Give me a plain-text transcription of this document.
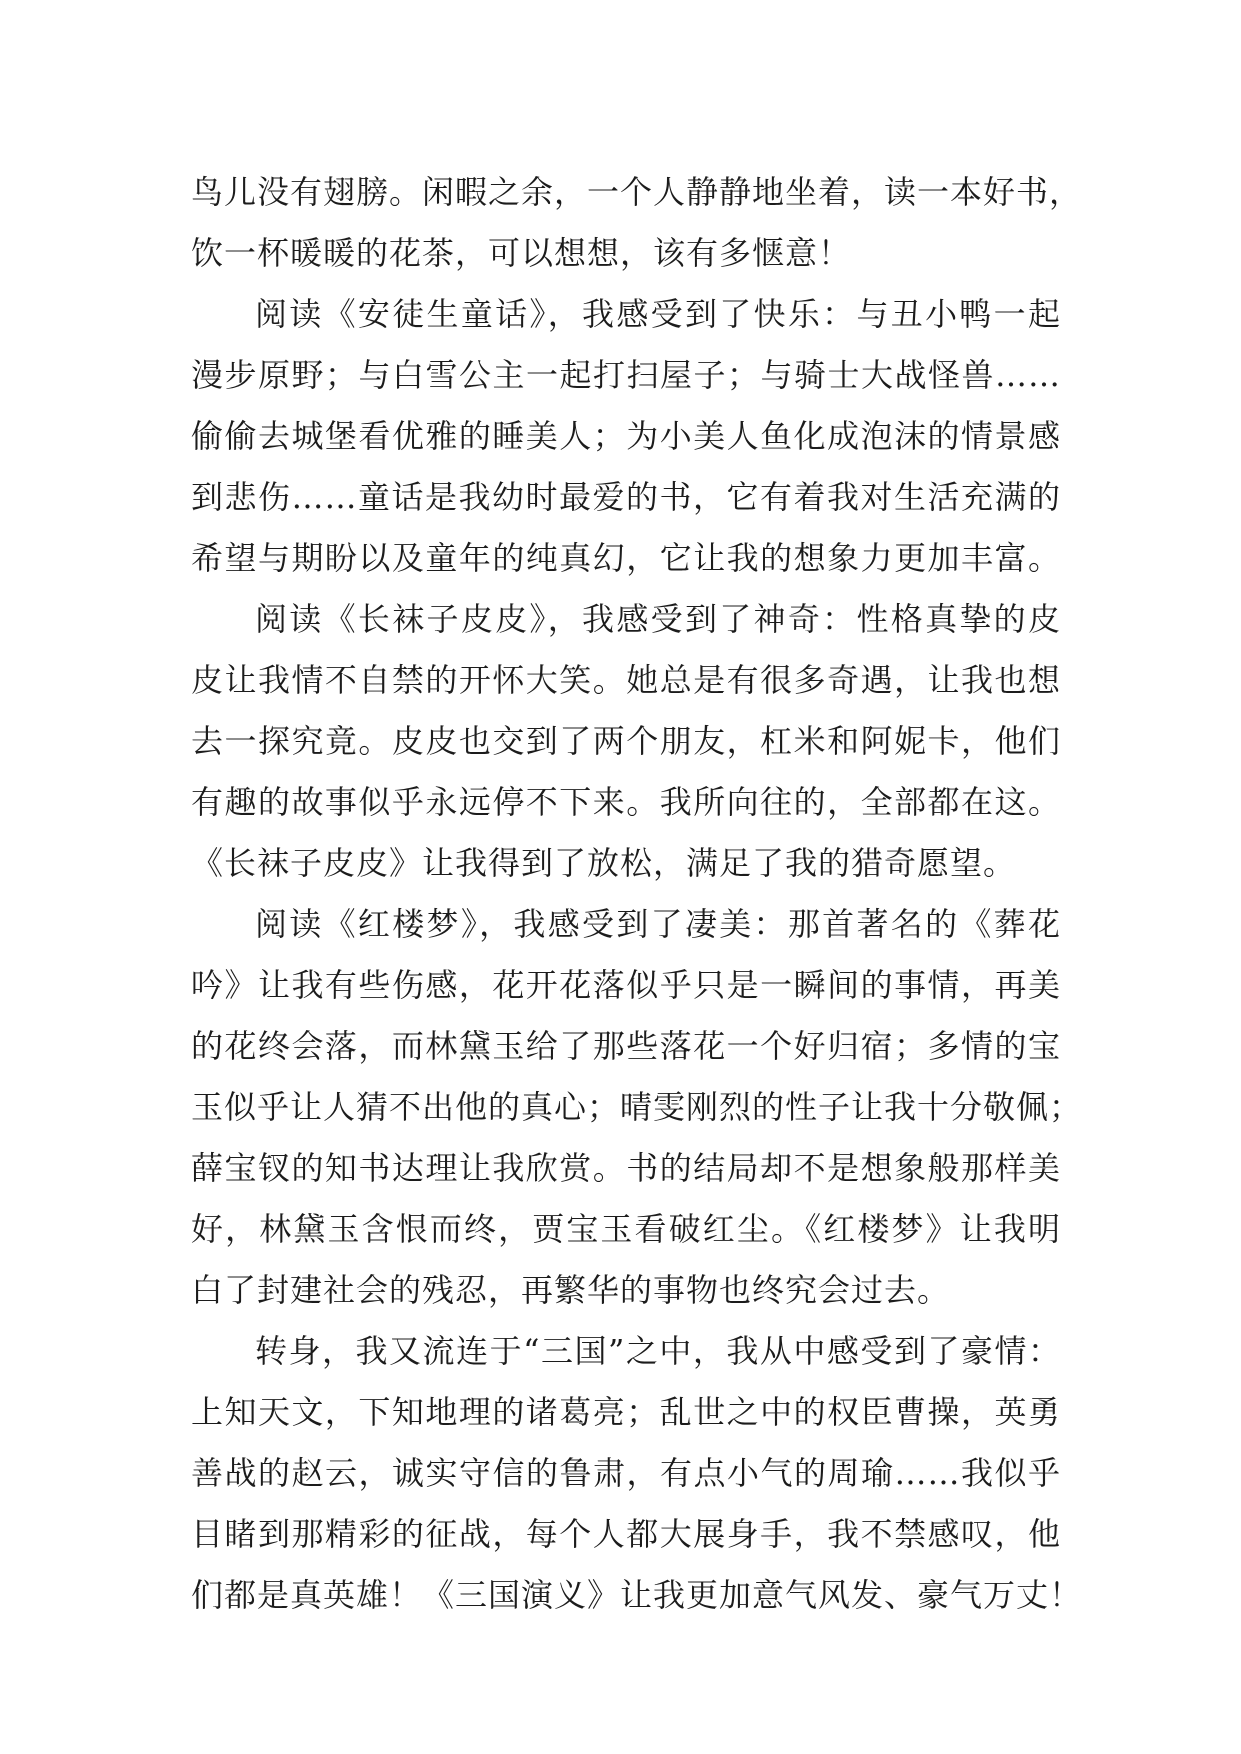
鸟儿没有翅膀。闲暇之余，一个人静静地坐着，读一本好书，
饮一杯暖暖的花茶，可以想想，该有多惬意！
阅读《安徒生童话》，我感受到了快乐：与丑小鸭一起
漫步原野；与白雪公主一起打扫屋子；与骑士大战怪兽……
偷偷去城堡看优雅的睡美人；为小美人鱼化成泡沫的情景感
到悲伤……童话是我幼时最爱的书，它有着我对生活充满的
希望与期盼以及童年的纯真幻，它让我的想象力更加丰富。
阅读《长袜子皮皮》，我感受到了神奇：性格真挚的皮
皮让我情不自禁的开怀大笑。她总是有很多奇遇，让我也想
去一探究竟。皮皮也交到了两个朋友，杠米和阿妮卡，他们
有趣的故事似乎永远停不下来。我所向往的，全部都在这。
《长袜子皮皮》让我得到了放松，满足了我的猎奇愿望。
阅读《红楼梦》，我感受到了凄美：那首著名的《葬花
吟》让我有些伤感，花开花落似乎只是一瞬间的事情，再美
的花终会落，而林黛玉给了那些落花一个好归宿；多情的宝
玉似乎让人猜不出他的真心；晴雯刚烈的性子让我十分敬佩；
薛宝钗的知书达理让我欣赏。书的结局却不是想象般那样美
好，林黛玉含恨而终，贾宝玉看破红尘。《红楼梦》让我明
白了封建社会的残忍，再繁华的事物也终究会过去。
转身，我又流连于“三国”之中，我从中感受到了豪情：
上知天文，下知地理的诸葛亮；乱世之中的权臣曹操，英勇
善战的赵云，诚实守信的鲁肃，有点小气的周瑜……我似乎
目睹到那精彩的征战，每个人都大展身手，我不禁感叹，他
们都是真英雄！《三国演义》让我更加意气风发、豪气万丈！
